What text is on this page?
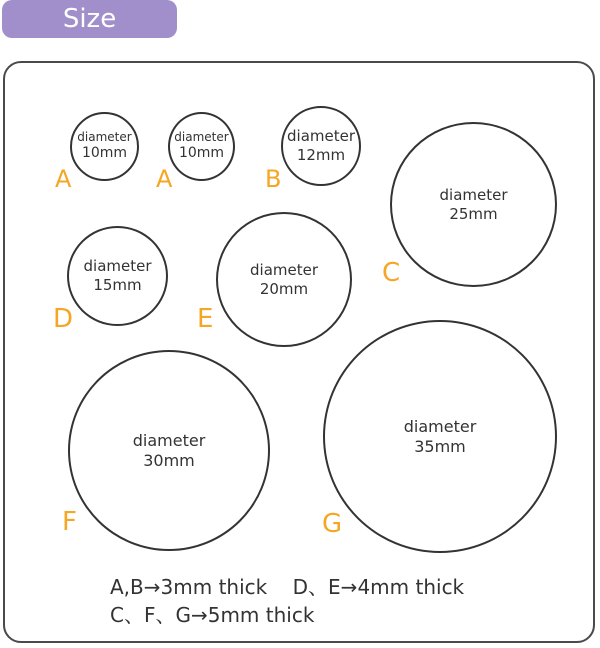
Size
diameter
10mm
A
diameter
10mm
A
diameter
12mm
B
diameter
25mm
C
diameter
15mm
D
diameter
20mm
E
diameter
30mm
F
diameter
35mm
G
A,B→3mm thick    D、E→4mm thick
C、F、G→5mm thick
